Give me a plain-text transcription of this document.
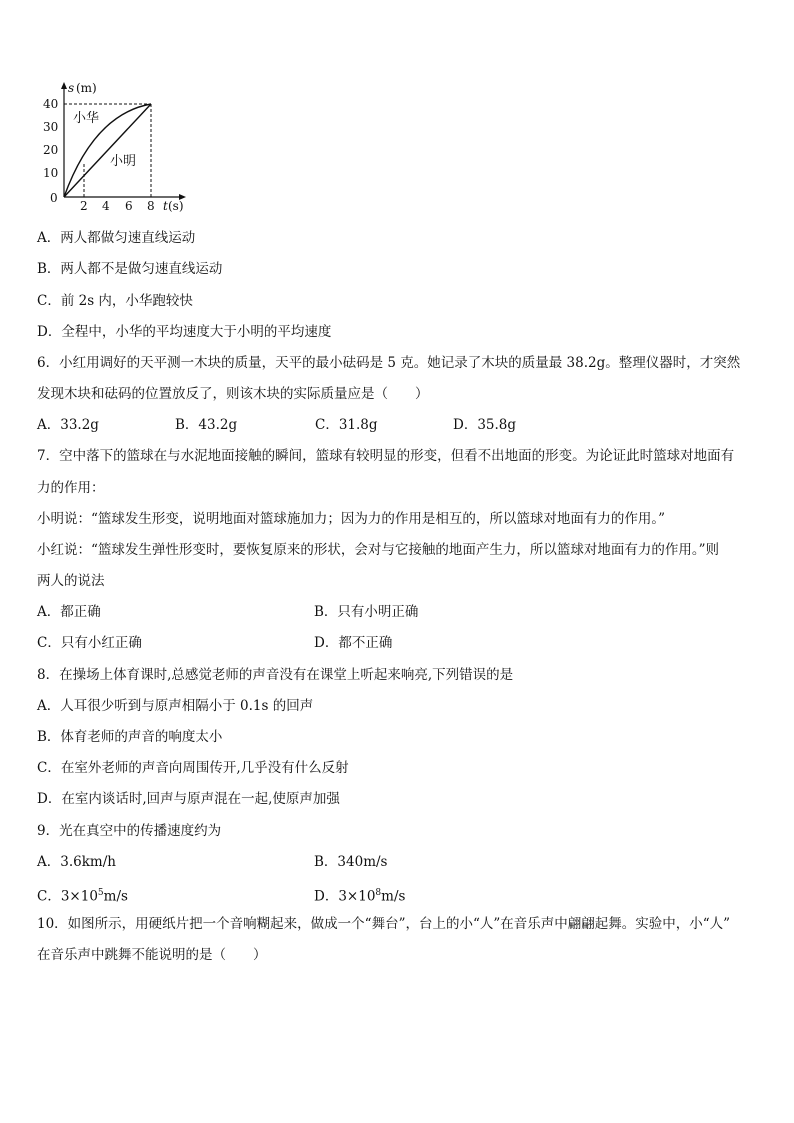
40
30
20
10
0
2 4 6 8
s (m)
t (s)
小华
小明
A．两人都做匀速直线运动
B．两人都不是做匀速直线运动
C．前 2s 内，小华跑较快
D．全程中，小华的平均速度大于小明的平均速度
6．小红用调好的天平测一木块的质量，天平的最小砝码是 5 克。她记录了木块的质量最 38.2g。整理仪器时，才突然
发现木块和砝码的位置放反了，则该木块的实际质量应是（　　）
A．33.2g	B．43.2g	C．31.8g	D．35.8g
7．空中落下的篮球在与水泥地面接触的瞬间，篮球有较明显的形变，但看不出地面的形变。为论证此时篮球对地面有
力的作用：
小明说：“篮球发生形变，说明地面对篮球施加力；因为力的作用是相互的，所以篮球对地面有力的作用。”
小红说：“篮球发生弹性形变时，要恢复原来的形状，会对与它接触的地面产生力，所以篮球对地面有力的作用。”则
两人的说法
A．都正确	B．只有小明正确
C．只有小红正确	D．都不正确
8．在操场上体育课时,总感觉老师的声音没有在课堂上听起来响亮,下列错误的是
A．人耳很少听到与原声相隔小于 0.1s 的回声
B．体育老师的声音的响度太小
C．在室外老师的声音向周围传开,几乎没有什么反射
D．在室内谈话时,回声与原声混在一起,使原声加强
9．光在真空中的传播速度约为
A．3.6km/h	B．340m/s
C．$3\times 10^5m/s$	D．$3\times 10^8m/s$
10．如图所示，用硬纸片把一个音响糊起来，做成一个“舞台”，台上的小“人”在音乐声中翩翩起舞。实验中，小“人”
在音乐声中跳舞不能说明的是（　　）
